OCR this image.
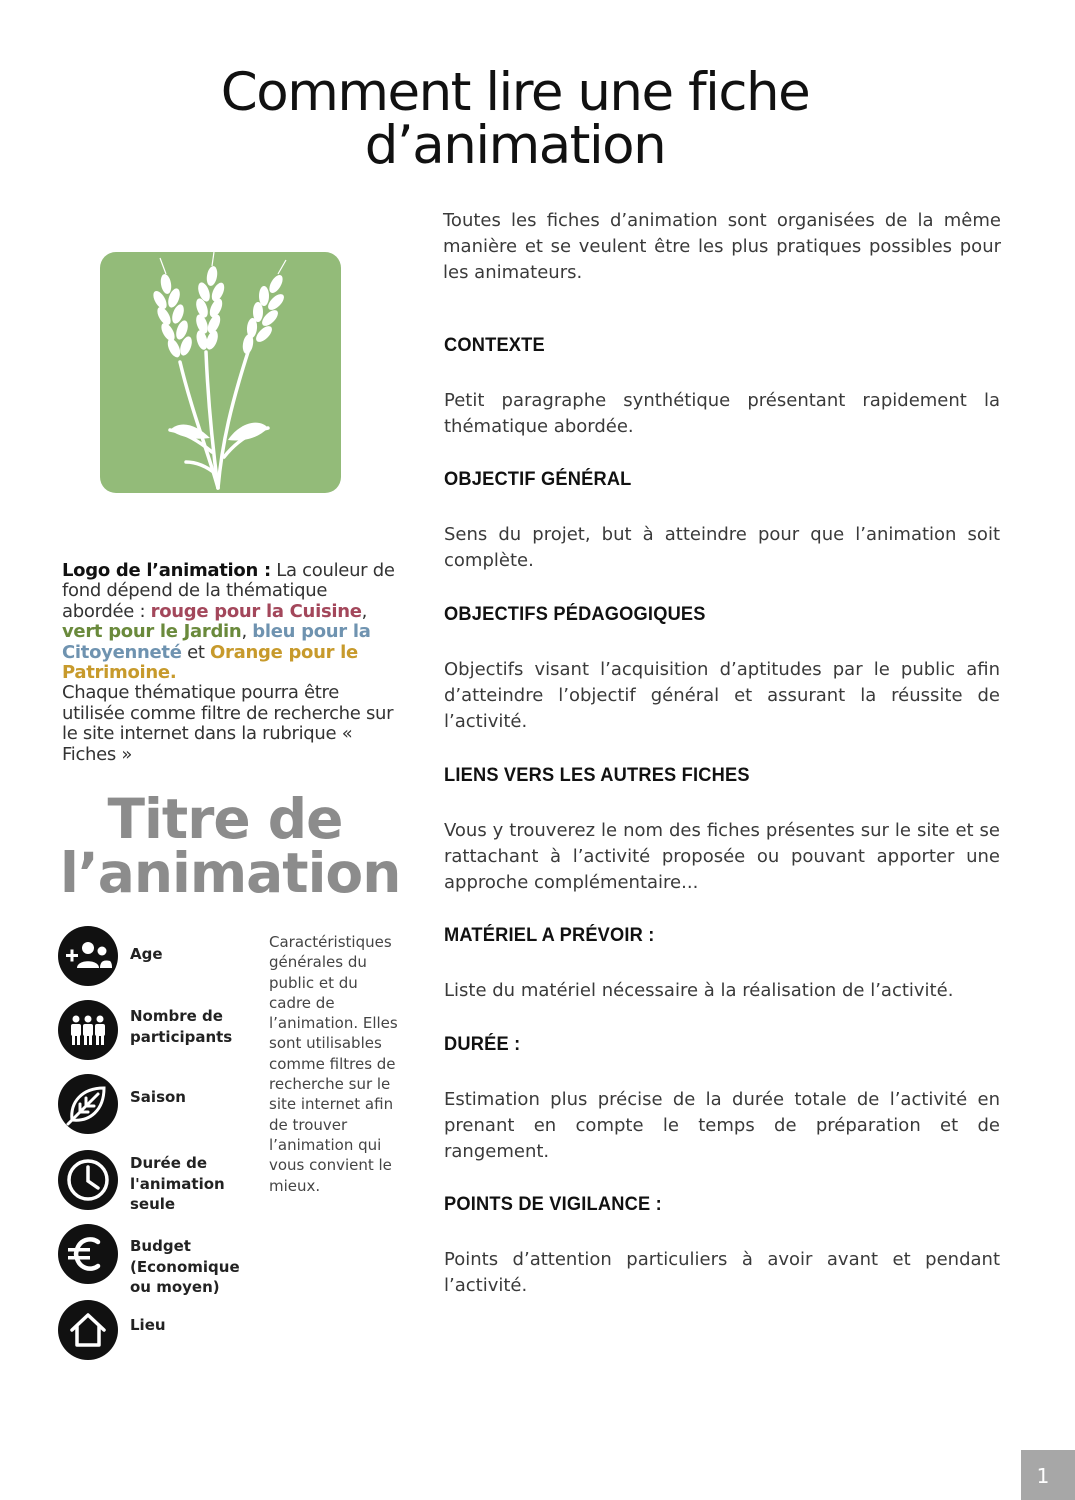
Comment lire une fiche
d’animation
Toutes les fiches d’animation sont organisées de la même manière et se veulent être les plus pratiques possibles pour les animateurs.
CONTEXTE

Petit paragraphe synthétique présentant rapidement la thématique abordée.

OBJECTIF GÉNÉRAL

Sens du projet, but à atteindre pour que l’animation soit complète.

OBJECTIFS PÉDAGOGIQUES

Objectifs visant l’acquisition d’aptitudes par le public afin d’atteindre l’objectif général et assurant la réussite de l’activité.

LIENS VERS LES AUTRES FICHES

Vous y trouverez le nom des fiches présentes sur le site et se rattachant à l’activité proposée ou pouvant apporter une approche complémentaire...

MATÉRIEL A PRÉVOIR :

Liste du matériel nécessaire à la réalisation de l’activité.

DURÉE :

Estimation plus précise de la durée totale de l’activité en prenant en compte le temps de préparation et de rangement.

POINTS DE VIGILANCE :

Points d’attention particuliers à avoir avant et pendant l’activité.

Logo de l’animation : La couleur de fond dépend de la thématique abordée : rouge pour la Cuisine, vert pour le Jardin, bleu pour la Citoyenneté et Orange pour le Patrimoine.
Chaque thématique pourra être utilisée comme filtre de recherche sur le site internet dans la rubrique « Fiches »
Titre de
l’animation
Age
Nombre de
participants
Saison
Durée de
l'animation
seule
Budget
(Economique
ou moyen)
Lieu
Caractéristiques générales du public et du cadre de l’animation. Elles sont utilisables comme filtres de recherche sur le site internet afin de trouver l’animation qui vous convient le mieux.
1
